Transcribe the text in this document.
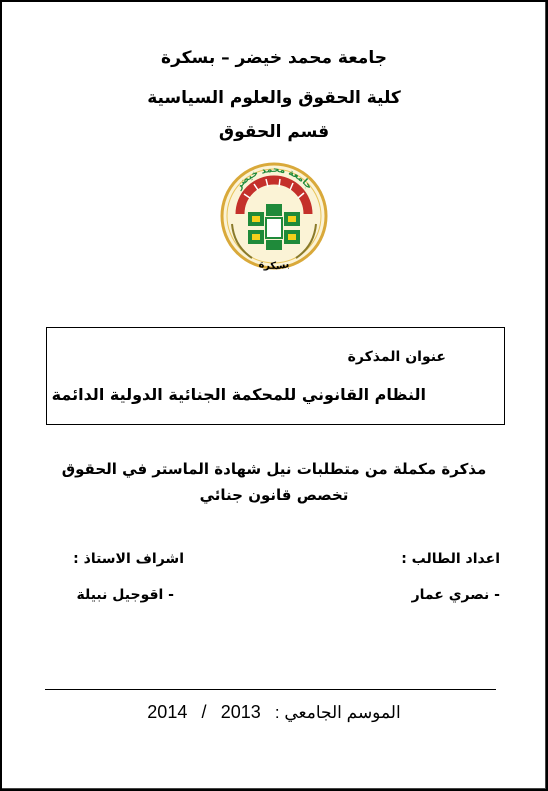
جامعة محمد خيضر – بسكرة
كلية الحقوق والعلوم السياسية
قسم الحقوق
جامعة محمد خيضر
بسكرة
عنوان المذكرة
النظام القانوني للمحكمة الجنائية الدولية الدائمة
مذكرة مكملة من متطلبات نيل شهادة الماستر في الحقوق
تخصص قانون جنائي
اعداد الطالب :
اشراف الاستاذ :
- نصري عمار
- اقوجيل نبيلة
الموسم الجامعي :   2013   /   2014
